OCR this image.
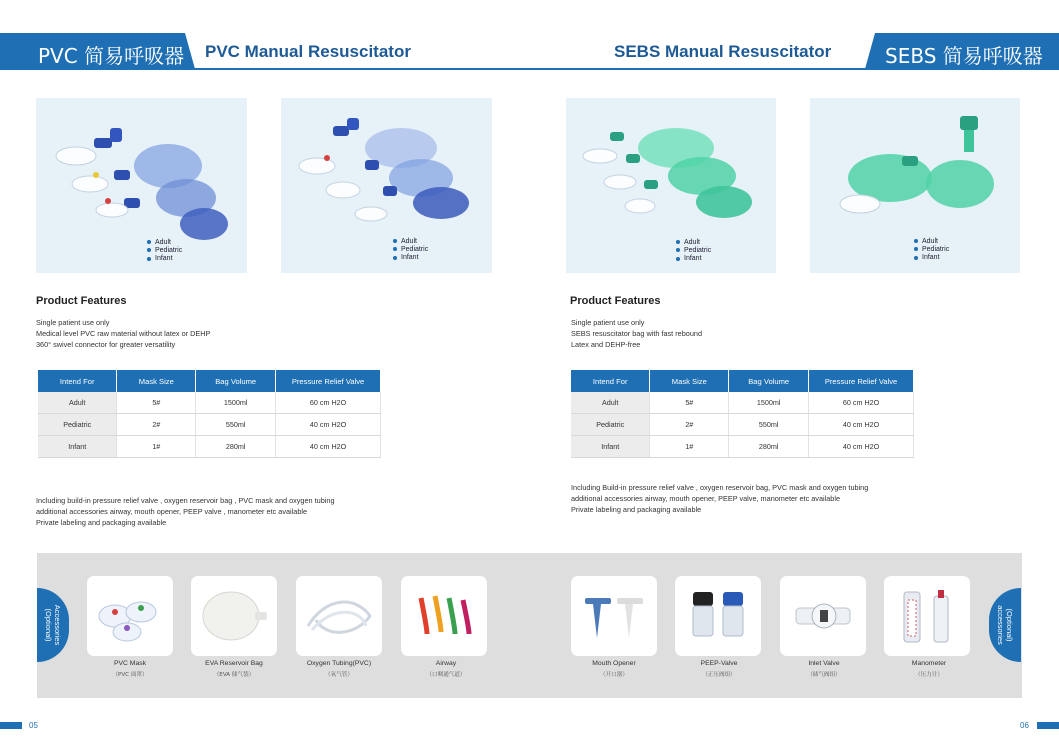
PVC 简易呼吸器 PVC Manual Resuscitator	SEBS Manual Resuscitator	SEBS 简易呼吸器
Adult
Pediatric
Infant
Adult
Pediatric
Infant
Adult
Pediatric
Infant
Adult
Pediatric
Infant
Product Features
Single patient use only
Medical level PVC raw material without latex or DEHP
360° swivel connector for greater versatility
Product Features
Single patient use only
SEBS resuscitator bag with fast rebound
Latex and DEHP-free
Intend For	Mask Size	Bag Volume	Pressure Relief Valve
Adult	5#	1500ml	60 cm H2O
Pediatric	2#	550ml	40 cm H2O
Infant	1#	280ml	40 cm H2O
Intend For	Mask Size	Bag Volume	Pressure Relief Valve
Adult	5#	1500ml	60 cm H2O
Pediatric	2#	550ml	40 cm H2O
Infant	1#	280ml	40 cm H2O
Including build-in pressure relief valve , oxygen reservoir bag , PVC mask and oxygen tubing
additional accessories airway, mouth opener, PEEP valve , manometer etc available
Private labeling and packaging available
Including Build-in pressure relief valve , oxygen reservoir bag, PVC mask and oxygen tubing
additional accessories airway, mouth opener, PEEP valve, manometer etc available
Private labeling and packaging available
Accessories
(Optional)	(Optional)
accessories
PVC Mask
（PVC 面罩）
EVA Reservoir Bag
（EVA 储气袋）
Oxygen Tubing(PVC)
（氧气管）
Airway
（口咽通气道）
Mouth Opener
（开口器）
PEEP-Valve
（正压阀组）
Inlet Valve
（储气阀组）
Manometer
（压力计）
05	06
